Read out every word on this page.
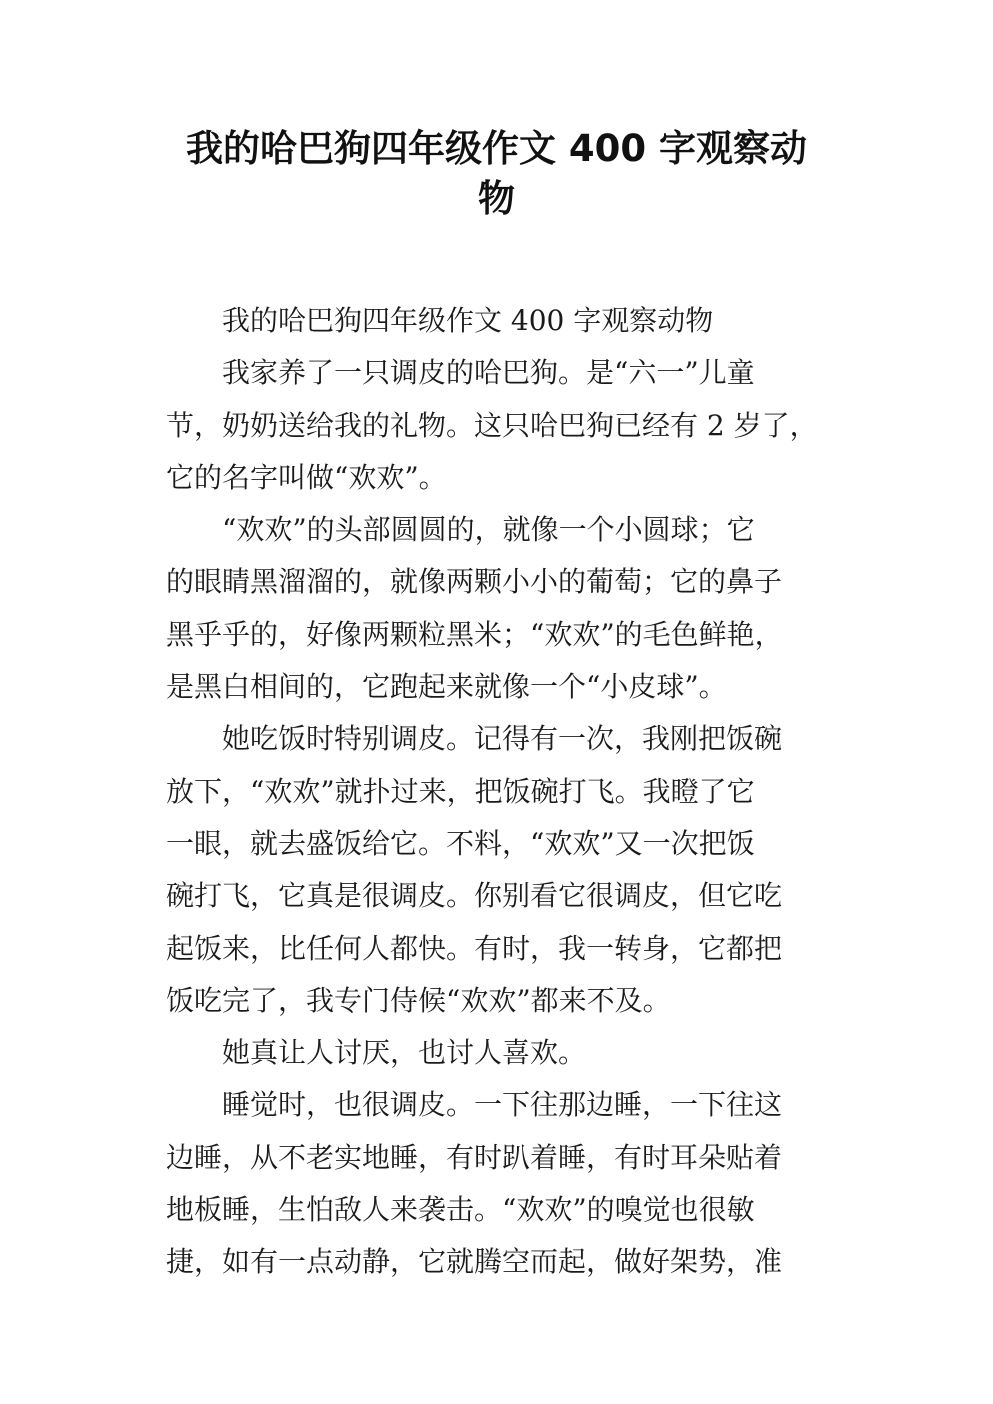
我的哈巴狗四年级作文 400 字观察动
物

我的哈巴狗四年级作文 400 字观察动物

我家养了一只调皮的哈巴狗。是“六一”儿童
节，奶奶送给我的礼物。这只哈巴狗已经有 2 岁了，
它的名字叫做“欢欢”。

“欢欢”的头部圆圆的，就像一个小圆球；它
的眼睛黑溜溜的，就像两颗小小的葡萄；它的鼻子
黑乎乎的，好像两颗粒黑米；“欢欢”的毛色鲜艳，
是黑白相间的，它跑起来就像一个“小皮球”。

她吃饭时特别调皮。记得有一次，我刚把饭碗
放下，“欢欢”就扑过来，把饭碗打飞。我瞪了它
一眼，就去盛饭给它。不料，“欢欢”又一次把饭
碗打飞，它真是很调皮。你别看它很调皮，但它吃
起饭来，比任何人都快。有时，我一转身，它都把
饭吃完了，我专门侍候“欢欢”都来不及。

她真让人讨厌，也讨人喜欢。

睡觉时，也很调皮。一下往那边睡，一下往这
边睡，从不老实地睡，有时趴着睡，有时耳朵贴着
地板睡，生怕敌人来袭击。“欢欢”的嗅觉也很敏
捷，如有一点动静，它就腾空而起，做好架势，准
